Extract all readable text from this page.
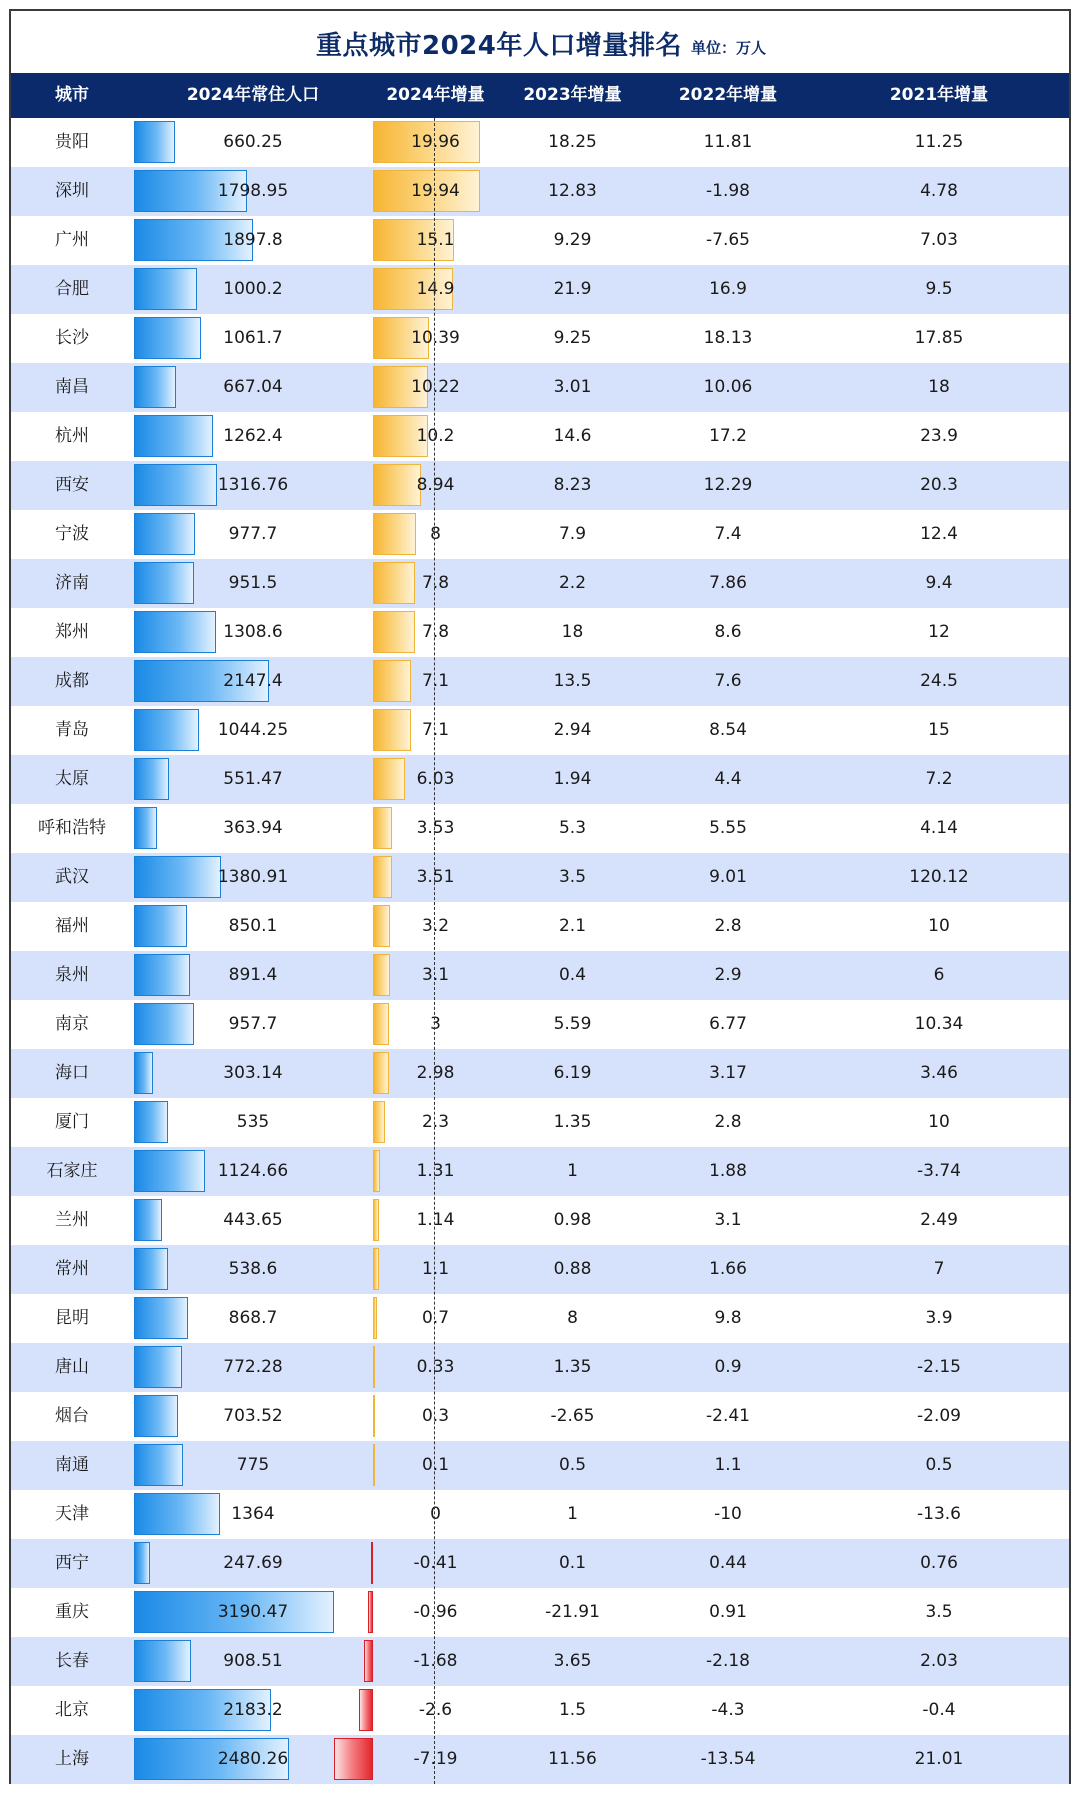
重点城市2024年人口增量排名 单位：万人
城市	2024年常住人口	2024年增量	2023年增量	2022年增量	2021年增量
贵阳	660.25	19.96	18.25	11.81	11.25
深圳	1798.95	19.94	12.83	-1.98	4.78
广州	1897.8	15.1	9.29	-7.65	7.03
合肥	1000.2	14.9	21.9	16.9	9.5
长沙	1061.7	10.39	9.25	18.13	17.85
南昌	667.04	10.22	3.01	10.06	18
杭州	1262.4	10.2	14.6	17.2	23.9
西安	1316.76	8.94	8.23	12.29	20.3
宁波	977.7	8	7.9	7.4	12.4
济南	951.5	7.8	2.2	7.86	9.4
郑州	1308.6	7.8	18	8.6	12
成都	2147.4	7.1	13.5	7.6	24.5
青岛	1044.25	7.1	2.94	8.54	15
太原	551.47	6.03	1.94	4.4	7.2
呼和浩特	363.94	3.53	5.3	5.55	4.14
武汉	1380.91	3.51	3.5	9.01	120.12
福州	850.1	3.2	2.1	2.8	10
泉州	891.4	3.1	0.4	2.9	6
南京	957.7	3	5.59	6.77	10.34
海口	303.14	2.98	6.19	3.17	3.46
厦门	535	2.3	1.35	2.8	10
石家庄	1124.66	1.31	1	1.88	-3.74
兰州	443.65	1.14	0.98	3.1	2.49
常州	538.6	1.1	0.88	1.66	7
昆明	868.7	0.7	8	9.8	3.9
唐山	772.28	0.33	1.35	0.9	-2.15
烟台	703.52	0.3	-2.65	-2.41	-2.09
南通	775	0.1	0.5	1.1	0.5
天津	1364	0	1	-10	-13.6
西宁	247.69	-0.41	0.1	0.44	0.76
重庆	3190.47	-0.96	-21.91	0.91	3.5
长春	908.51	-1.68	3.65	-2.18	2.03
北京	2183.2	-2.6	1.5	-4.3	-0.4
上海	2480.26	-7.19	11.56	-13.54	21.01
